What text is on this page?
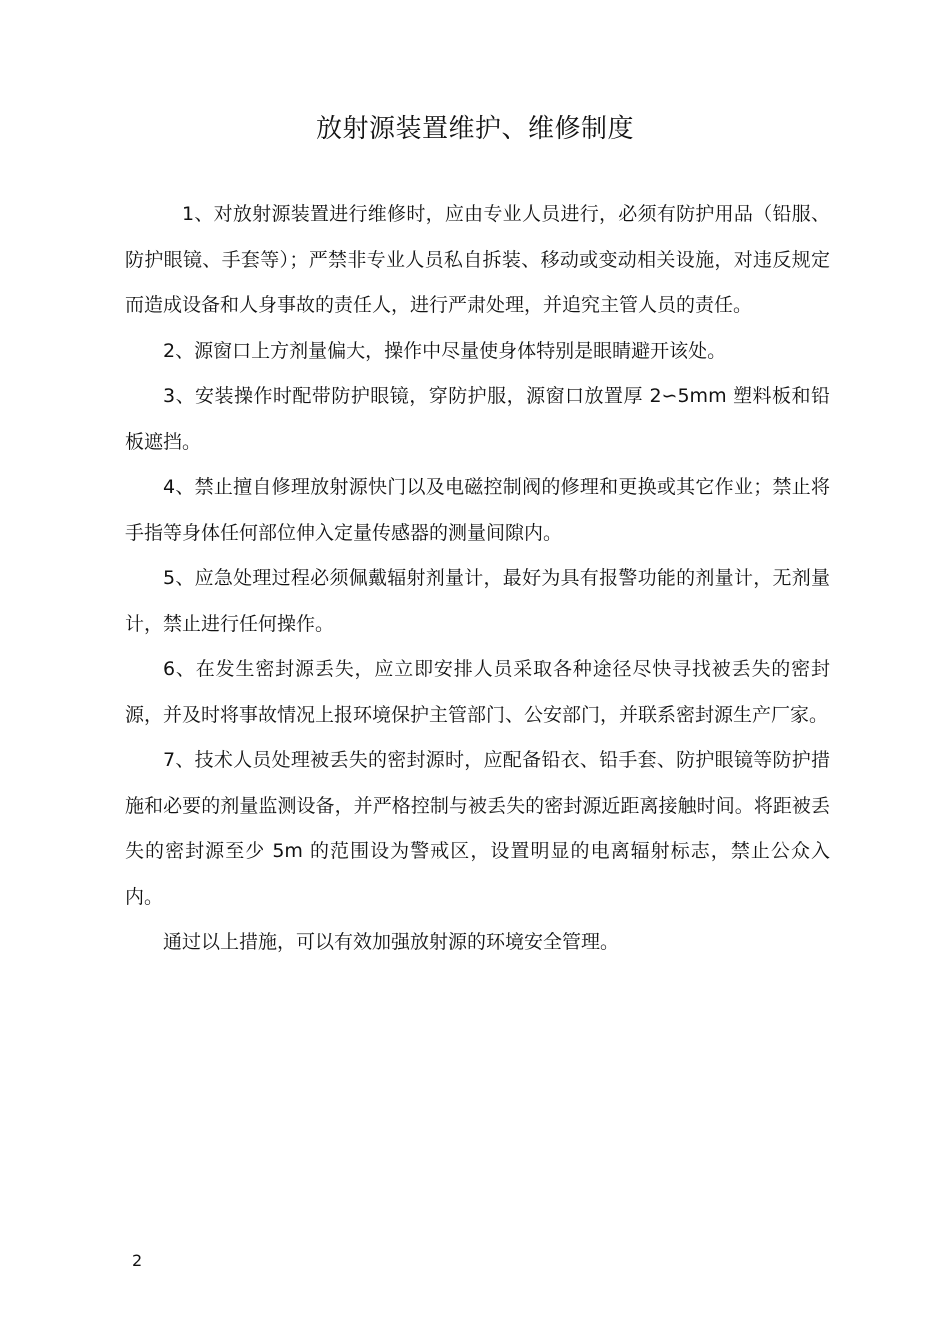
放射源装置维护、维修制度

1、对放射源装置进行维修时，应由专业人员进行，必须有防护用品（铅服、防护眼镜、手套等）；严禁非专业人员私自拆装、移动或变动相关设施，对违反规定而造成设备和人身事故的责任人，进行严肃处理，并追究主管人员的责任。

2、源窗口上方剂量偏大，操作中尽量使身体特别是眼睛避开该处。

3、安装操作时配带防护眼镜，穿防护服，源窗口放置厚 2∽5mm 塑料板和铅板遮挡。

4、禁止擅自修理放射源快门以及电磁控制阀的修理和更换或其它作业；禁止将手指等身体任何部位伸入定量传感器的测量间隙内。

5、应急处理过程必须佩戴辐射剂量计，最好为具有报警功能的剂量计，无剂量计，禁止进行任何操作。

6、在发生密封源丢失，应立即安排人员采取各种途径尽快寻找被丢失的密封源，并及时将事故情况上报环境保护主管部门、公安部门，并联系密封源生产厂家。

7、技术人员处理被丢失的密封源时，应配备铅衣、铅手套、防护眼镜等防护措施和必要的剂量监测设备，并严格控制与被丢失的密封源近距离接触时间。将距被丢失的密封源至少 5m 的范围设为警戒区，设置明显的电离辐射标志，禁止公众入内。

通过以上措施，可以有效加强放射源的环境安全管理。

2
